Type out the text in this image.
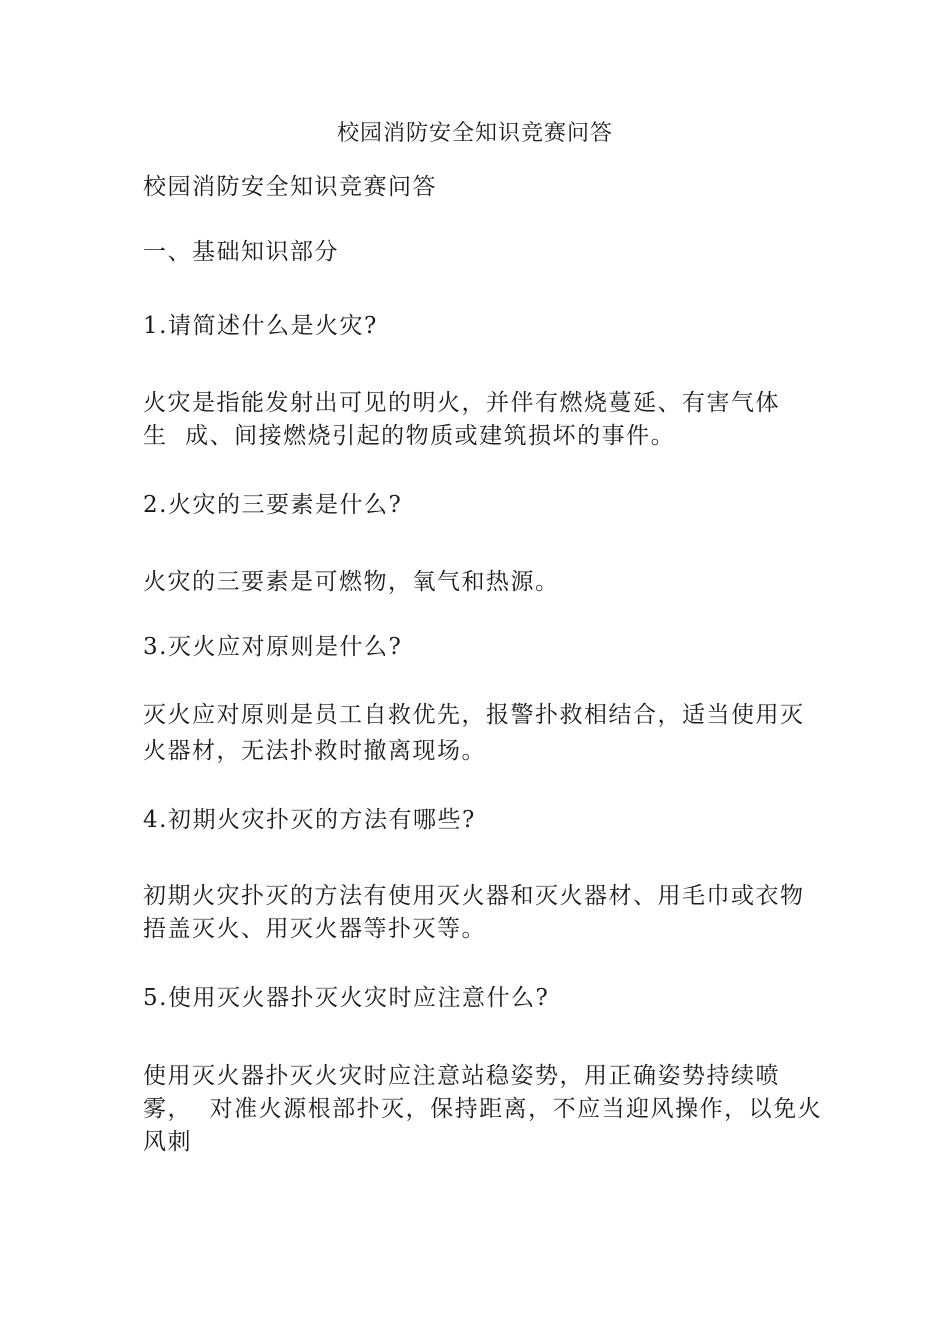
校园消防安全知识竞赛问答
校园消防安全知识竞赛问答
一、基础知识部分
1.请简述什么是火灾?
火灾是指能发射出可见的明火，并伴有燃烧蔓延、有害气体
生  成、间接燃烧引起的物质或建筑损坏的事件。
2.火灾的三要素是什么?
火灾的三要素是可燃物，氧气和热源。
3.灭火应对原则是什么?
灭火应对原则是员工自救优先，报警扑救相结合，适当使用灭
火器材，无法扑救时撤离现场。
4.初期火灾扑灭的方法有哪些?
初期火灾扑灭的方法有使用灭火器和灭火器材、用毛巾或衣物
捂盖灭火、用灭火器等扑灭等。
5.使用灭火器扑灭火灾时应注意什么?
使用灭火器扑灭火灾时应注意站稳姿势，用正确姿势持续喷
雾，  对准火源根部扑灭，保持距离，不应当迎风操作，以免火
风刺
